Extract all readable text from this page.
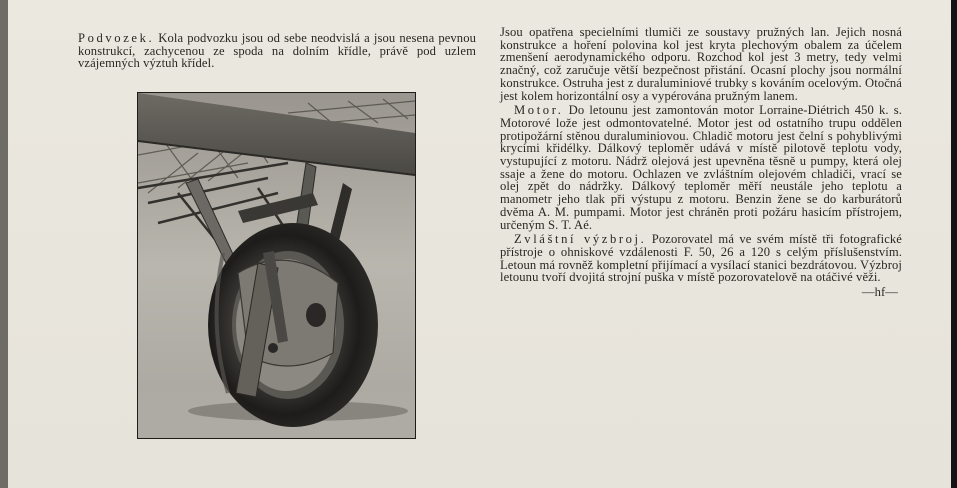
Podvozek. Kola podvozku jsou od sebe neodvislá a jsou nesena pevnou konstrukcí, zachycenou ze spoda na dolním křídle, právě pod uzlem vzájemných výztuh křídel.

Jsou opatřena specielními tlumiči ze soustavy pružných lan. Jejich nosná konstrukce a hoření polovina kol jest kryta plechovým obalem za účelem zmenšení aerodynamického odporu. Rozchod kol jest 3 metry, tedy velmi značný, což zaručuje větší bezpečnost přistání. Ocasní plochy jsou normální konstrukce. Ostruha jest z duraluminiové trubky s kováním ocelovým. Otočná jest kolem horizontální osy a vypérována pružným lanem.

Motor. Do letounu jest zamontován motor Lorraine-Diétrich 450 k. s. Motorové lože jest odmontovatelné. Motor jest od ostatního trupu oddělen protipožární stěnou duraluminiovou. Chladič motoru jest čelní s pohyblivými krycími křidélky. Dálkový teploměr udává v místě pilotově teplotu vody, vystupující z motoru. Nádrž olejová jest upevněna těsně u pumpy, která olej ssaje a žene do motoru. Ochlazen ve zvláštním olejovém chladiči, vrací se olej zpět do nádržky. Dálkový teploměr měří neustále jeho teplotu a manometr jeho tlak při výstupu z motoru. Benzin žene se do karburátorů dvěma A. M. pumpami. Motor jest chráněn proti požáru hasicím přístrojem, určeným S. T. Aé.

Zvláštní výzbroj. Pozorovatel má ve svém místě tři fotografické přístroje o ohniskové vzdálenosti F. 50, 26 a 120 s celým příslušenstvím. Letoun má rovněž kompletní přijímací a vysílací stanici bezdrátovou. Výzbroj letounu tvoří dvojitá strojní puška v místě pozorovatelově na otáčivé věži.

—hf—
